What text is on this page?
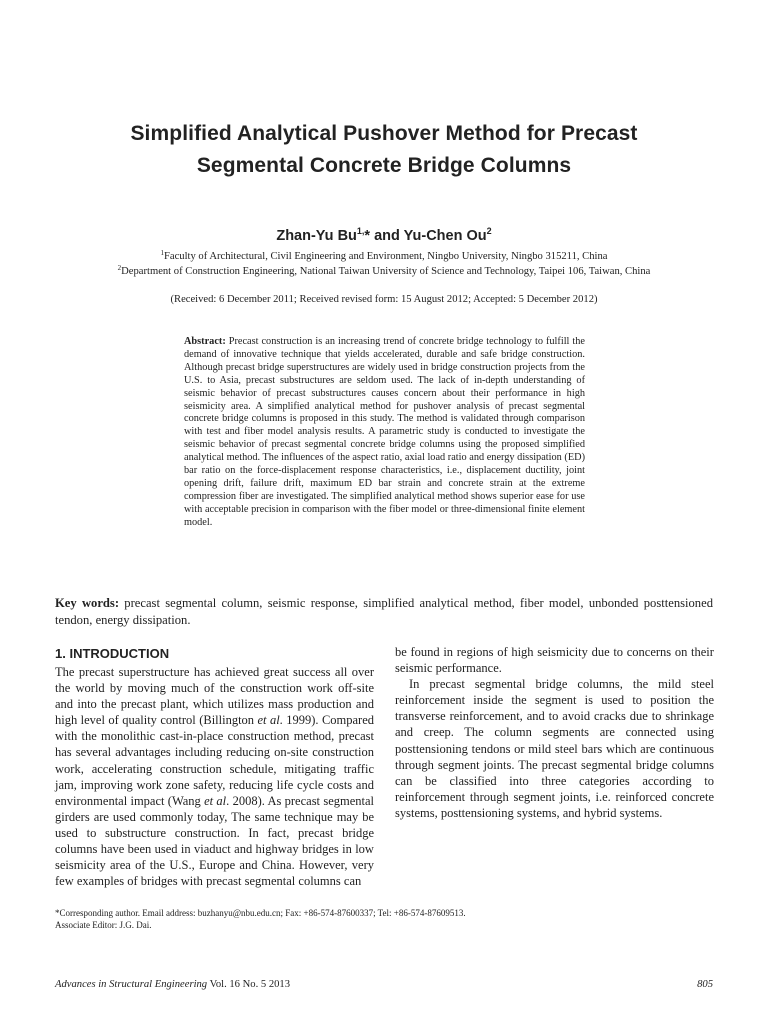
Simplified Analytical Pushover Method for Precast
Segmental Concrete Bridge Columns
Zhan-Yu $Bu^{1,}*$ and Yu-Chen Ou$^2$
$^1$Faculty of Architectural, Civil Engineering and Environment, Ningbo University, Ningbo 315211, China
$^2$Department of Construction Engineering, National Taiwan University of Science and Technology, Taipei 106, Taiwan, China
(Received: 6 December 2011; Received revised form: 15 August 2012; Accepted: 5 December 2012)
Abstract: Precast construction is an increasing trend of concrete bridge technology to fulfill the demand of innovative technique that yields accelerated, durable and safe bridge construction. Although precast bridge superstructures are widely used in bridge construction projects from the U.S. to Asia, precast substructures are seldom used. The lack of in-depth understanding of seismic behavior of precast substructures causes concern about their performance in high seismicity area. A simplified analytical method for pushover analysis of precast segmental concrete bridge columns is proposed in this study. The method is validated through comparison with test and fiber model analysis results. A parametric study is conducted to investigate the seismic behavior of precast segmental concrete bridge columns using the proposed simplified analytical method. The influences of the aspect ratio, axial load ratio and energy dissipation (ED) bar ratio on the force-displacement response characteristics, i.e., displacement ductility, joint opening drift, failure drift, maximum ED bar strain and concrete strain at the extreme compression fiber are investigated. The simplified analytical method shows superior ease for use with acceptable precision in comparison with the fiber model or three-dimensional finite element model.
Key words: precast segmental column, seismic response, simplified analytical method, fiber model, unbonded posttensioned tendon, energy dissipation.
1. INTRODUCTION

The precast superstructure has achieved great success all over the world by moving much of the construction work off-site and into the precast plant, which utilizes mass production and high level of quality control (Billington et al. 1999). Compared with the monolithic cast-in-place construction method, precast has several advantages including reducing on-site construction work, accelerating construction schedule, mitigating traffic jam, improving work zone safety, reducing life cycle costs and environmental impact (Wang et al. 2008). As precast segmental girders are used commonly today, The same technique may be used to substructure construction. In fact, precast bridge columns have been used in viaduct and highway bridges in low seismicity area of the U.S., Europe and China. However, very few examples of bridges with precast segmental columns can

be found in regions of high seismicity due to concerns on their seismic performance.

In precast segmental bridge columns, the mild steel reinforcement inside the segment is used to position the transverse reinforcement, and to avoid cracks due to shrinkage and creep. The column segments are connected using posttensioning tendons or mild steel bars which are continuous through segment joints. The precast segmental bridge columns can be classified into three categories according to reinforcement through segment joints, i.e. reinforced concrete systems, posttensioning systems, and hybrid systems.

*Corresponding author. Email address: buzhanyu@nbu.edu.cn; Fax: +86-574-87600337; Tel: +86-574-87609513.
Associate Editor: J.G. Dai.
Advances in Structural Engineering Vol. 16 No. 5 2013	805
